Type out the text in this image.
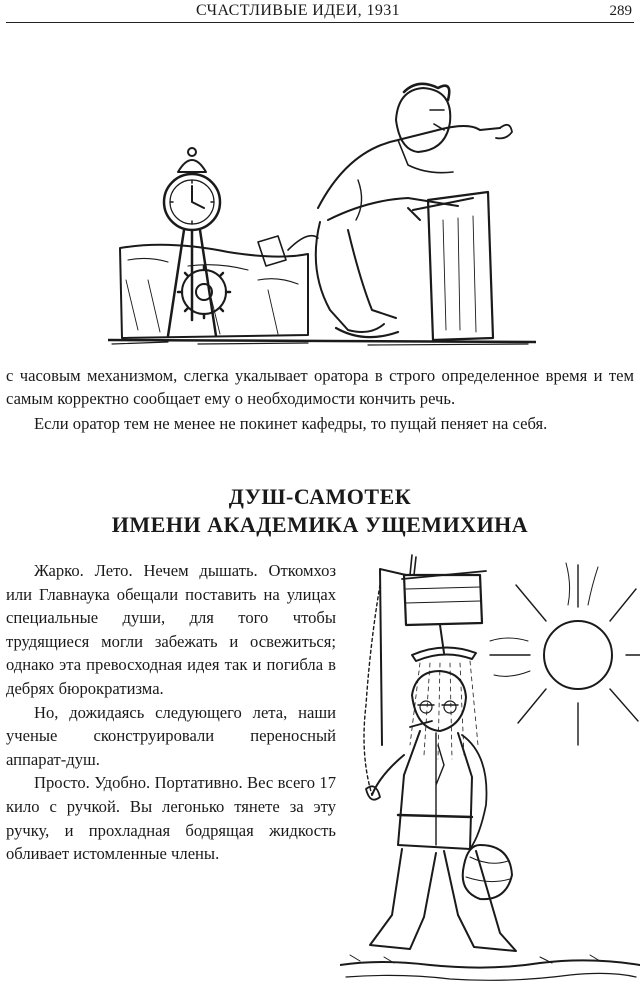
СЧАСТЛИВЫЕ ИДЕИ, 1931	289

с часовым механизмом, слегка укалывает оратора в строго определенное время и тем самым корректно сообщает ему о необходимости кончить речь.

Если оратор тем не менее не покинет кафедры, то пущай пеняет на себя.

ДУШ-САМОТЕК
ИМЕНИ АКАДЕМИКА УЩЕМИХИНА

Жарко. Лето. Нечем дышать. Откомхоз или Главнаука обещали поставить на улицах специальные души, для того чтобы трудящиеся могли забежать и освежиться; однако эта превосходная идея так и погибла в дебрях бюрократизма.

Но, дожидаясь следующего лета, наши ученые сконструировали переносный аппарат-душ.

Просто. Удобно. Портативно. Вес всего 17 кило с ручкой. Вы легонько тянете за эту ручку, и прохладная бодрящая жидкость обливает истомленные члены.
